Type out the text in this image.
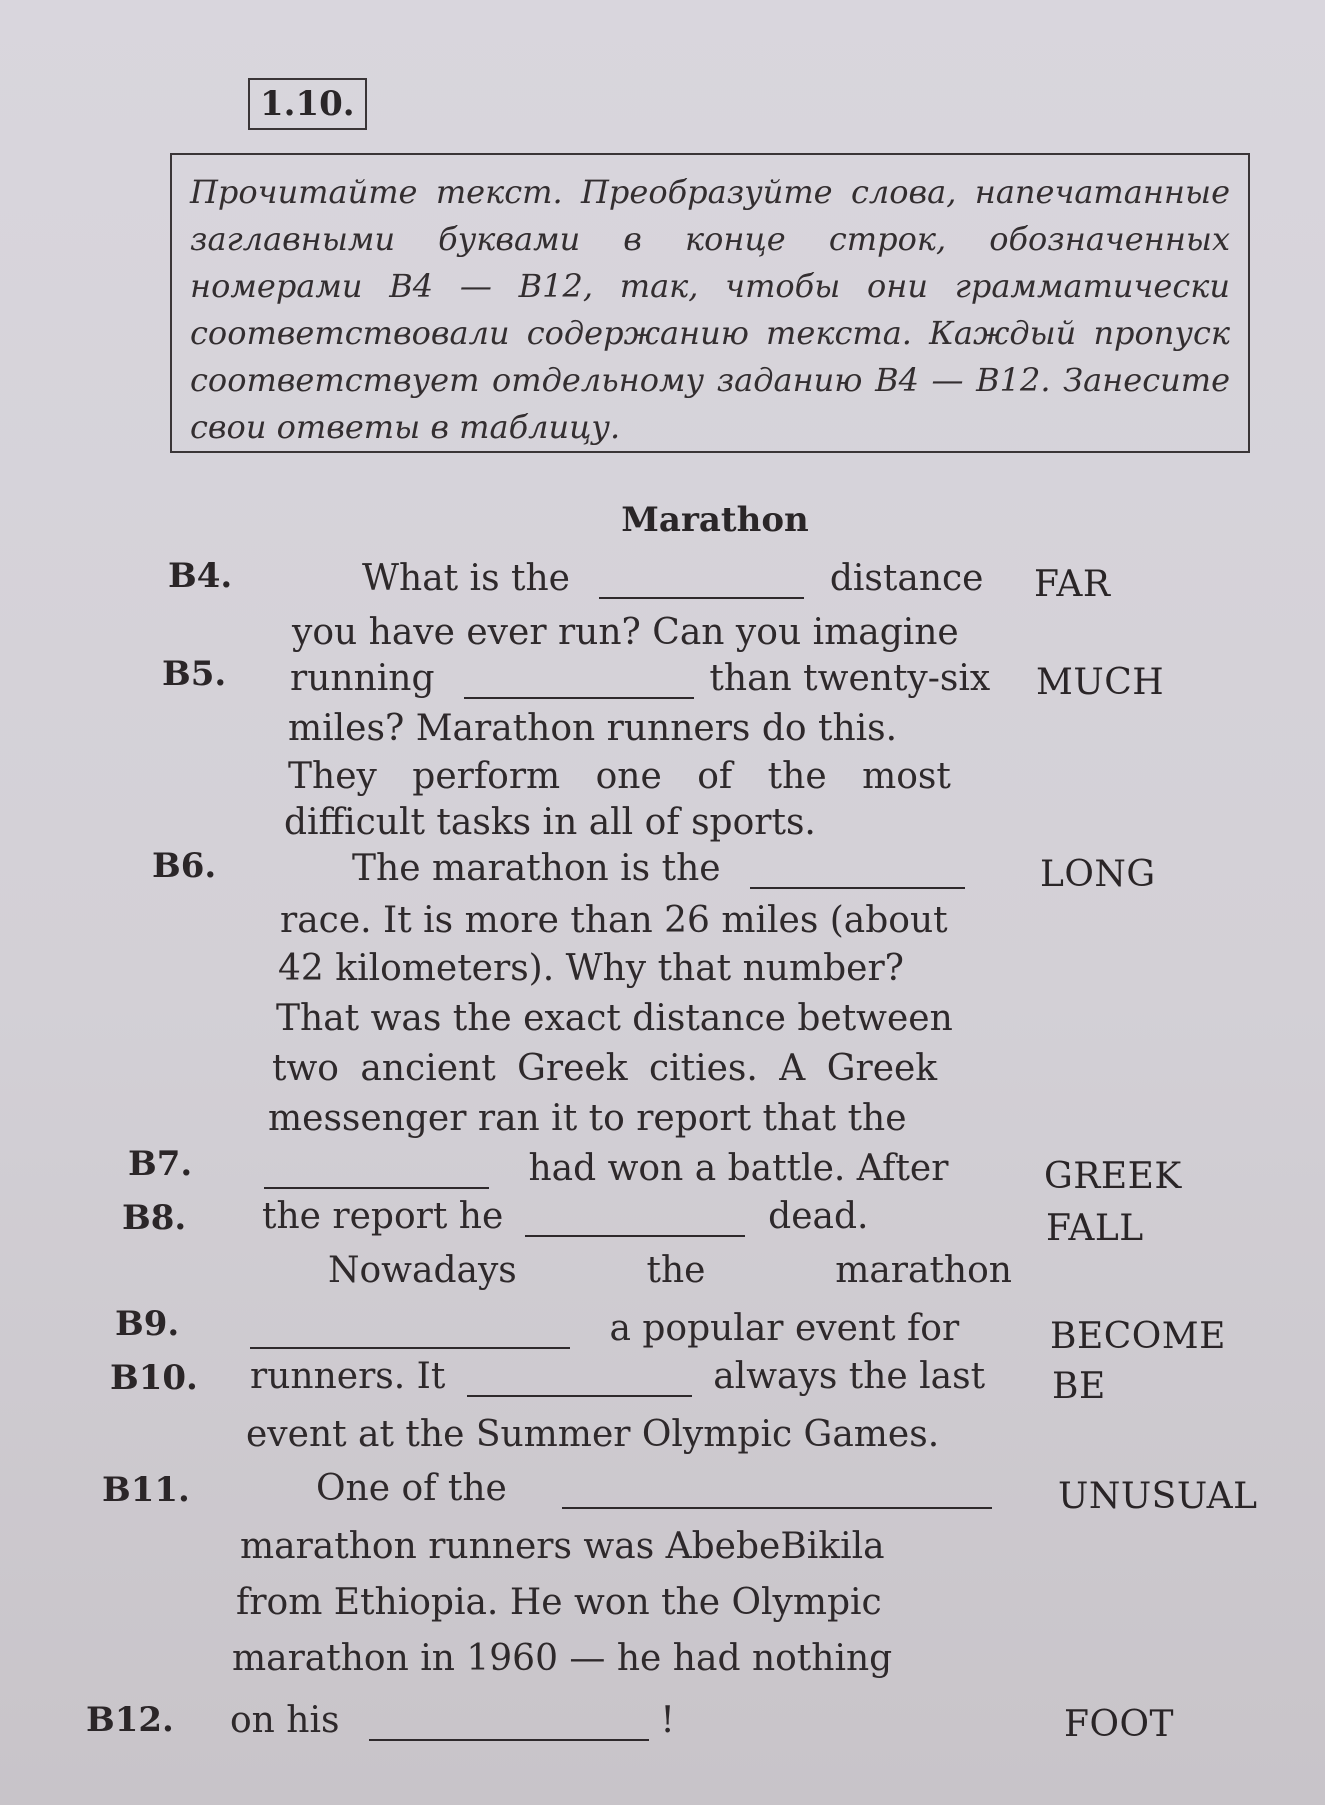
1.10.
Прочитайте текст. Преобразуйте слова, напечатанные заглавными буквами в конце строк, обозначенных номерами B4 — B12, так, чтобы они грамматически соответствовали содержанию текста. Каждый пропуск соответствует отдельному заданию B4 — B12. Занесите свои ответы в таблицу.
Marathon
B4.
B5.
B6.
B7.
B8.
B9.
B10.
B11.
B12.
What is the	distance
you have ever run? Can you imagine
running	than twenty-six
miles? Marathon runners do this.
They perform one of the most
difficult tasks in all of sports.
The marathon is the
race. It is more than 26 miles (about
42 kilometers). Why that number?
That was the exact distance between
two ancient Greek cities. A Greek
messenger ran it to report that the
had won a battle. After
the report he	dead.
Nowadays	the	marathon
a popular event for
runners. It	always the last
event at the Summer Olympic Games.
One of the
marathon runners was AbebeBikila
from Ethiopia. He won the Olympic
marathon in 1960 — he had nothing
on his	!
FAR
MUCH
LONG
GREEK
FALL
BECOME
BE
UNUSUAL
FOOT
